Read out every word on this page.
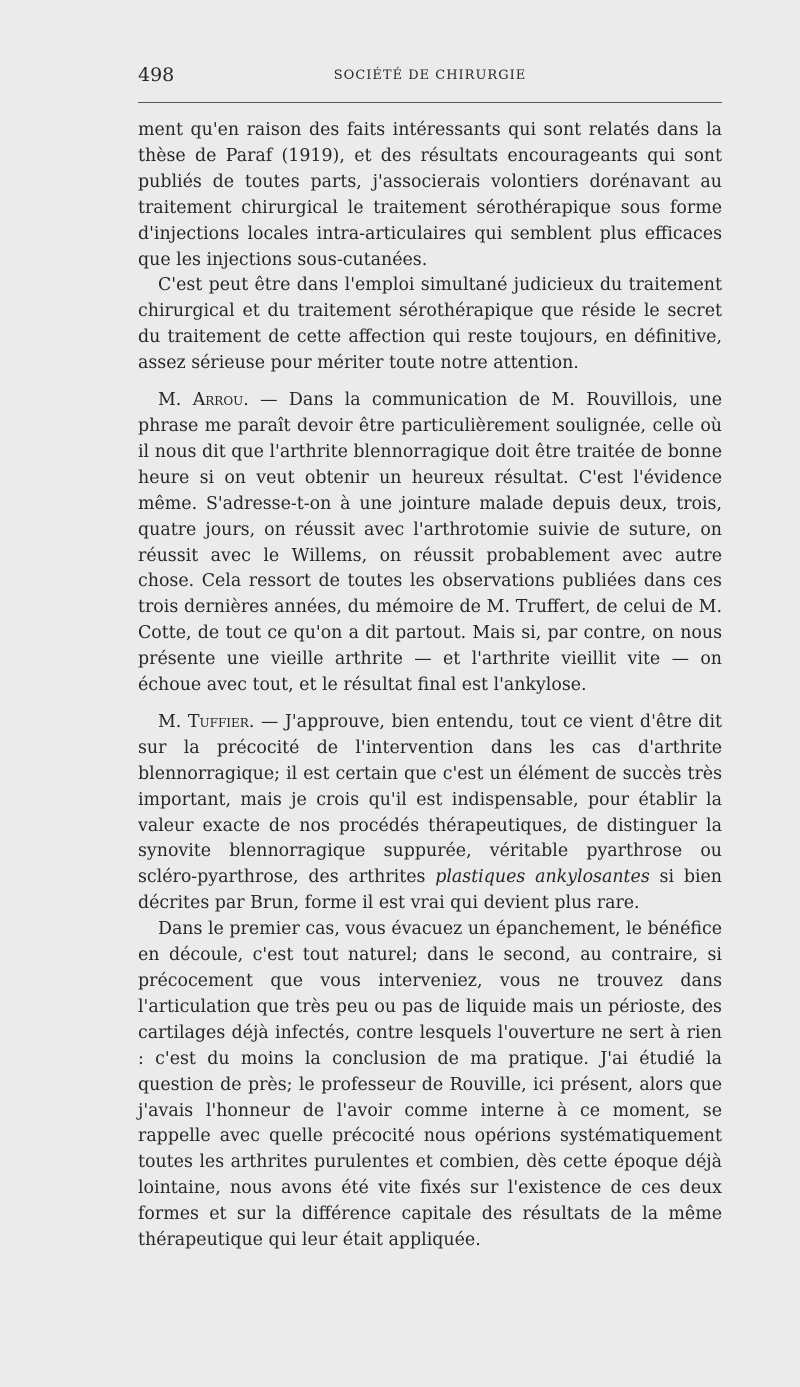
498	SOCIÉTÉ DE CHIRURGIE

ment qu'en raison des faits intéressants qui sont relatés dans la thèse de Paraf (1919), et des résultats encourageants qui sont publiés de toutes parts, j'associerais volontiers dorénavant au traitement chirurgical le traitement sérothérapique sous forme d'injections locales intra-articulaires qui semblent plus efficaces que les injections sous-cutanées.

C'est peut être dans l'emploi simultané judicieux du traitement chirurgical et du traitement sérothérapique que réside le secret du traitement de cette affection qui reste toujours, en définitive, assez sérieuse pour mériter toute notre attention.

M. Arrou. — Dans la communication de M. Rouvillois, une phrase me paraît devoir être particulièrement soulignée, celle où il nous dit que l'arthrite blennorragique doit être traitée de bonne heure si on veut obtenir un heureux résultat. C'est l'évidence même. S'adresse-t-on à une jointure malade depuis deux, trois, quatre jours, on réussit avec l'arthrotomie suivie de suture, on réussit avec le Willems, on réussit probablement avec autre chose. Cela ressort de toutes les observations publiées dans ces trois dernières années, du mémoire de M. Truffert, de celui de M. Cotte, de tout ce qu'on a dit partout. Mais si, par contre, on nous présente une vieille arthrite — et l'arthrite vieillit vite — on échoue avec tout, et le résultat final est l'ankylose.

M. Tuffier. — J'approuve, bien entendu, tout ce vient d'être dit sur la précocité de l'intervention dans les cas d'arthrite blennorragique; il est certain que c'est un élément de succès très important, mais je crois qu'il est indispensable, pour établir la valeur exacte de nos procédés thérapeutiques, de distinguer la synovite blennorragique suppurée, véritable pyarthrose ou scléro-pyarthrose, des arthrites plastiques ankylosantes si bien décrites par Brun, forme il est vrai qui devient plus rare.

Dans le premier cas, vous évacuez un épanchement, le bénéfice en découle, c'est tout naturel; dans le second, au contraire, si précocement que vous interveniez, vous ne trouvez dans l'articulation que très peu ou pas de liquide mais un périoste, des cartilages déjà infectés, contre lesquels l'ouverture ne sert à rien : c'est du moins la conclusion de ma pratique. J'ai étudié la question de près; le professeur de Rouville, ici présent, alors que j'avais l'honneur de l'avoir comme interne à ce moment, se rappelle avec quelle précocité nous opérions systématiquement toutes les arthrites purulentes et combien, dès cette époque déjà lointaine, nous avons été vite fixés sur l'existence de ces deux formes et sur la différence capitale des résultats de la même thérapeutique qui leur était appliquée.
